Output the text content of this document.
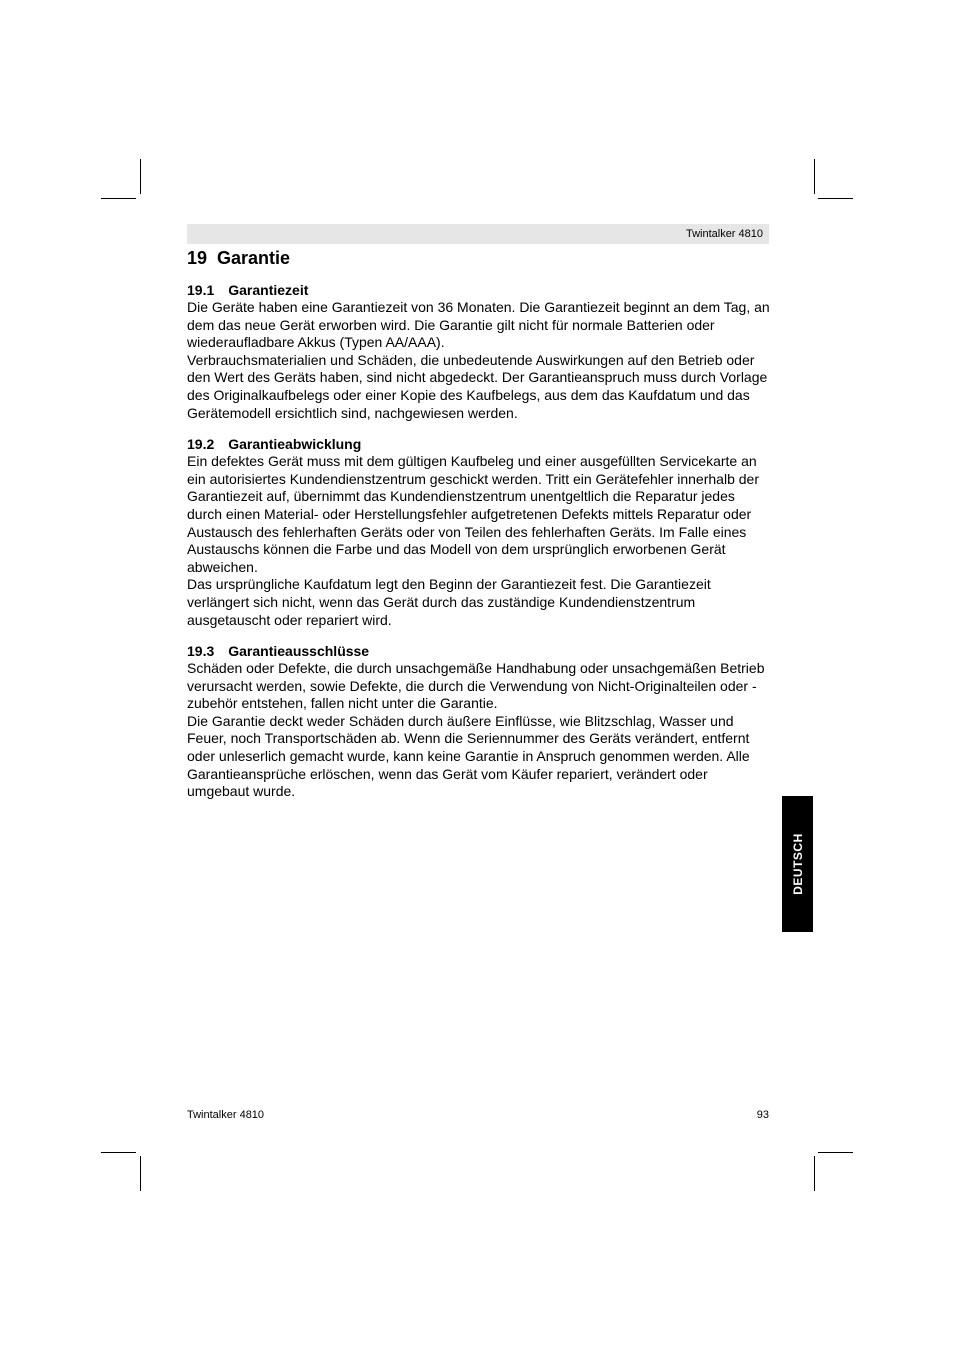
Twintalker 4810
19 Garantie
19.1 Garantiezeit

Die Geräte haben eine Garantiezeit von 36 Monaten. Die Garantiezeit beginnt an dem Tag, an dem das neue Gerät erworben wird. Die Garantie gilt nicht für normale Batterien oder wiederaufladbare Akkus (Typen AA/AAA).

Verbrauchsmaterialien und Schäden, die unbedeutende Auswirkungen auf den Betrieb oder den Wert des Geräts haben, sind nicht abgedeckt. Der Garantieanspruch muss durch Vorlage des Originalkaufbelegs oder einer Kopie des Kaufbelegs, aus dem das Kaufdatum und das Gerätemodell ersichtlich sind, nachgewiesen werden.

19.2 Garantieabwicklung

Ein defektes Gerät muss mit dem gültigen Kaufbeleg und einer ausgefüllten Servicekarte an ein autorisiertes Kundendienstzentrum geschickt werden. Tritt ein Gerätefehler innerhalb der Garantiezeit auf, übernimmt das Kundendienstzentrum unentgeltlich die Reparatur jedes durch einen Material- oder Herstellungsfehler aufgetretenen Defekts mittels Reparatur oder Austausch des fehlerhaften Geräts oder von Teilen des fehlerhaften Geräts. Im Falle eines Austauschs können die Farbe und das Modell von dem ursprünglich erworbenen Gerät abweichen.

Das ursprüngliche Kaufdatum legt den Beginn der Garantiezeit fest. Die Garantiezeit verlängert sich nicht, wenn das Gerät durch das zuständige Kundendienstzentrum ausgetauscht oder repariert wird.

19.3 Garantieausschlüsse

Schäden oder Defekte, die durch unsachgemäße Handhabung oder unsachgemäßen Betrieb verursacht werden, sowie Defekte, die durch die Verwendung von Nicht-Originalteilen oder -zubehör entstehen, fallen nicht unter die Garantie.

Die Garantie deckt weder Schäden durch äußere Einflüsse, wie Blitzschlag, Wasser und Feuer, noch Transportschäden ab. Wenn die Seriennummer des Geräts verändert, entfernt oder unleserlich gemacht wurde, kann keine Garantie in Anspruch genommen werden. Alle Garantieansprüche erlöschen, wenn das Gerät vom Käufer repariert, verändert oder umgebaut wurde.

DEUTSCH
Twintalker 4810	93
